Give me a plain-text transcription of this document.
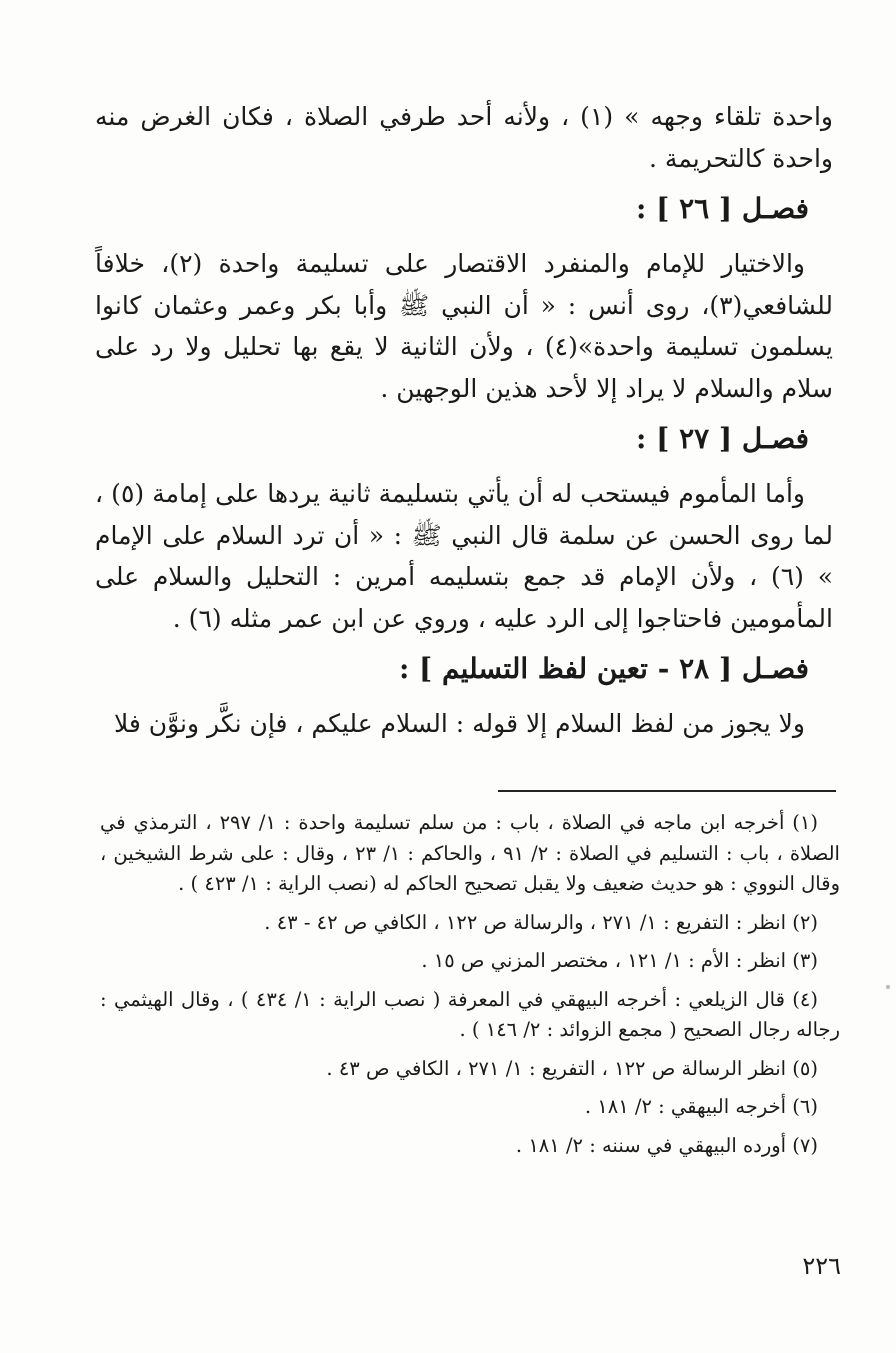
واحدة تلقاء وجهه » (١) ، ولأنه أحد طرفي الصلاة ، فكان الغرض منه واحدة كالتحريمة .

فصـل [ ٢٦ ] :

والاختيار للإمام والمنفرد الاقتصار على تسليمة واحدة (٢)، خلافاً للشافعي(٣)، روى أنس : « أن النبي ﷺ وأبا بكر وعمر وعثمان كانوا يسلمون تسليمة واحدة»(٤) ، ولأن الثانية لا يقع بها تحليل ولا رد على سلام والسلام لا يراد إلا لأحد هذين الوجهين .

فصـل [ ٢٧ ] :

وأما المأموم فيستحب له أن يأتي بتسليمة ثانية يردها على إمامة (٥) ، لما روى الحسن عن سلمة قال النبي ﷺ : « أن ترد السلام على الإمام » (٦) ، ولأن الإمام قد جمع بتسليمه أمرين : التحليل والسلام على المأمومين فاحتاجوا إلى الرد عليه ، وروي عن ابن عمر مثله (٦) .

فصـل [ ٢٨ - تعين لفظ التسليم ] :

ولا يجوز من لفظ السلام إلا قوله : السلام عليكم ، فإن نكَّر ونوَّن فلا

(١) أخرجه ابن ماجه في الصلاة ، باب : من سلم تسليمة واحدة : ١/ ٢٩٧ ، الترمذي في الصلاة ، باب : التسليم في الصلاة : ٢/ ٩١ ، والحاكم : ١/ ٢٣ ، وقال : على شرط الشيخين ، وقال النووي : هو حديث ضعيف ولا يقبل تصحيح الحاكم له (نصب الراية : ١/ ٤٢٣ ) .

(٢) انظر : التفريع : ١/ ٢٧١ ، والرسالة ص ١٢٢ ، الكافي ص ٤٢ - ٤٣ .

(٣) انظر : الأم : ١/ ١٢١ ، مختصر المزني ص ١٥ .

(٤) قال الزيلعي : أخرجه البيهقي في المعرفة ( نصب الراية : ١/ ٤٣٤ ) ، وقال الهيثمي : رجاله رجال الصحيح ( مجمع الزوائد : ٢/ ١٤٦ ) .

(٥) انظر الرسالة ص ١٢٢ ، التفريع : ١/ ٢٧١ ، الكافي ص ٤٣ .

(٦) أخرجه البيهقي : ٢/ ١٨١ .

(٧) أورده البيهقي في سننه : ٢/ ١٨١ .

٢٢٦
